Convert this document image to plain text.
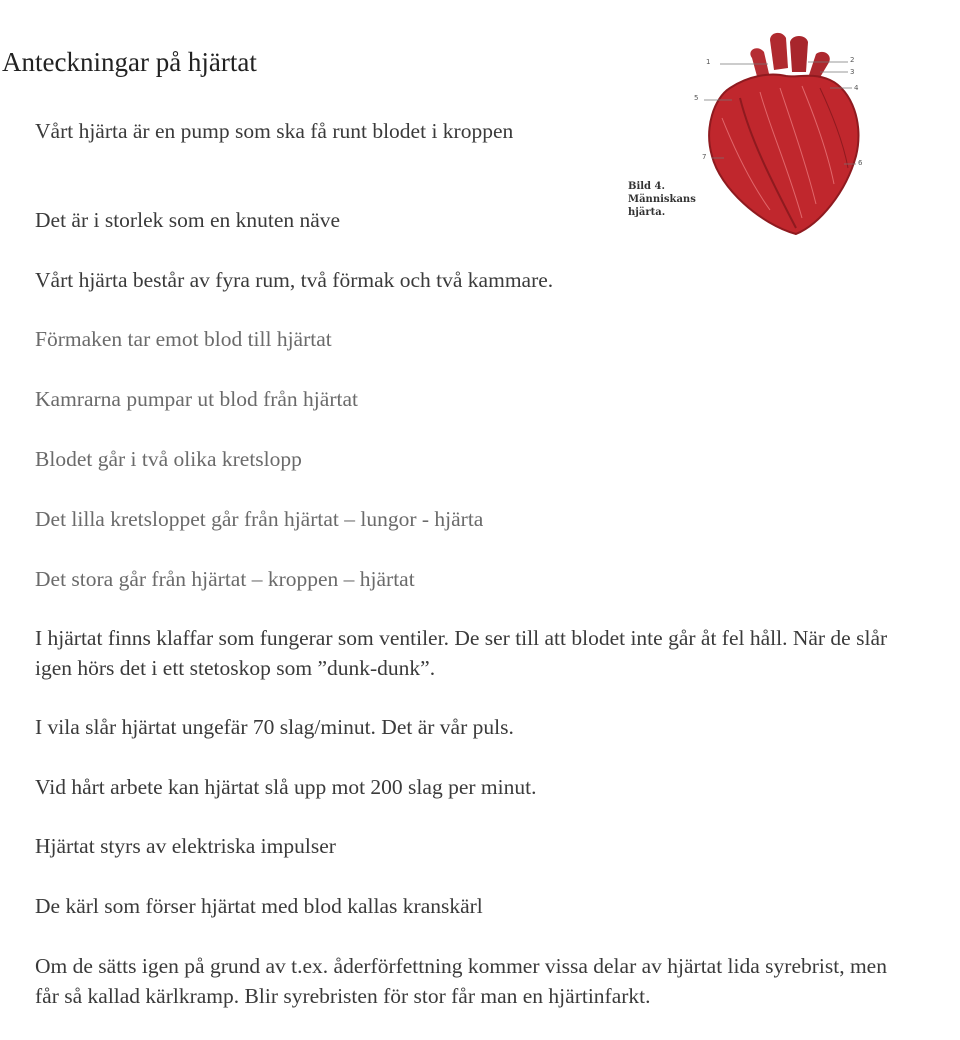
Anteckningar på hjärtat	1	2
3
4
5
6
7
Bild 4.
Människans hjärta.

Vårt hjärta är en pump som ska få runt blodet i kroppen

Det är i storlek som en knuten näve

Vårt hjärta består av fyra rum, två förmak och två kammare.

Förmaken tar emot blod till hjärtat

Kamrarna pumpar ut blod från hjärtat

Blodet går i två olika kretslopp

Det lilla kretsloppet går från hjärtat – lungor - hjärta

Det stora går från hjärtat – kroppen – hjärtat

I hjärtat finns klaffar som fungerar som ventiler. De ser till att blodet inte går åt fel håll. När de slår igen hörs det i ett stetoskop som ”dunk-dunk”.

I vila slår hjärtat ungefär 70 slag/minut. Det är vår puls.

Vid hårt arbete kan hjärtat slå upp mot 200 slag per minut.

Hjärtat styrs av elektriska impulser

De kärl som förser hjärtat med blod kallas kranskärl

Om de sätts igen på grund av t.ex. åderförfettning kommer vissa delar av hjärtat lida syrebrist, men får så kallad kärlkramp. Blir syrebristen för stor får man en hjärtinfarkt.
